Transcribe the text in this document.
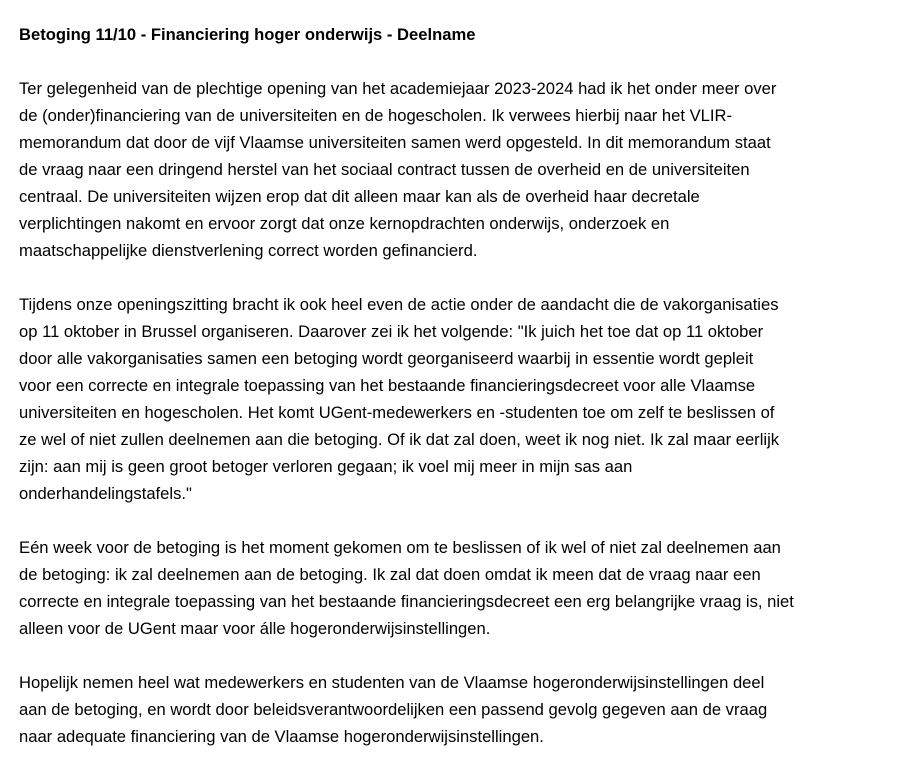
Betoging 11/10 - Financiering hoger onderwijs - Deelname
Ter gelegenheid van de plechtige opening van het academiejaar 2023-2024 had ik het onder meer over
de (onder)financiering van de universiteiten en de hogescholen. Ik verwees hierbij naar het VLIR-
memorandum dat door de vijf Vlaamse universiteiten samen werd opgesteld. In dit memorandum staat
de vraag naar een dringend herstel van het sociaal contract tussen de overheid en de universiteiten
centraal. De universiteiten wijzen erop dat dit alleen maar kan als de overheid haar decretale
verplichtingen nakomt en ervoor zorgt dat onze kernopdrachten onderwijs, onderzoek en
maatschappelijke dienstverlening correct worden gefinancierd.
Tijdens onze openingszitting bracht ik ook heel even de actie onder de aandacht die de vakorganisaties
op 11 oktober in Brussel organiseren. Daarover zei ik het volgende: "Ik juich het toe dat op 11 oktober
door alle vakorganisaties samen een betoging wordt georganiseerd waarbij in essentie wordt gepleit
voor een correcte en integrale toepassing van het bestaande financieringsdecreet voor alle Vlaamse
universiteiten en hogescholen. Het komt UGent-medewerkers en -studenten toe om zelf te beslissen of
ze wel of niet zullen deelnemen aan die betoging. Of ik dat zal doen, weet ik nog niet. Ik zal maar eerlijk
zijn: aan mij is geen groot betoger verloren gegaan; ik voel mij meer in mijn sas aan
onderhandelingstafels."
Eén week voor de betoging is het moment gekomen om te beslissen of ik wel of niet zal deelnemen aan
de betoging: ik zal deelnemen aan de betoging. Ik zal dat doen omdat ik meen dat de vraag naar een
correcte en integrale toepassing van het bestaande financieringsdecreet een erg belangrijke vraag is, niet
alleen voor de UGent maar voor álle hogeronderwijsinstellingen.
Hopelijk nemen heel wat medewerkers en studenten van de Vlaamse hogeronderwijsinstellingen deel
aan de betoging, en wordt door beleidsverantwoordelijken een passend gevolg gegeven aan de vraag
naar adequate financiering van de Vlaamse hogeronderwijsinstellingen.
